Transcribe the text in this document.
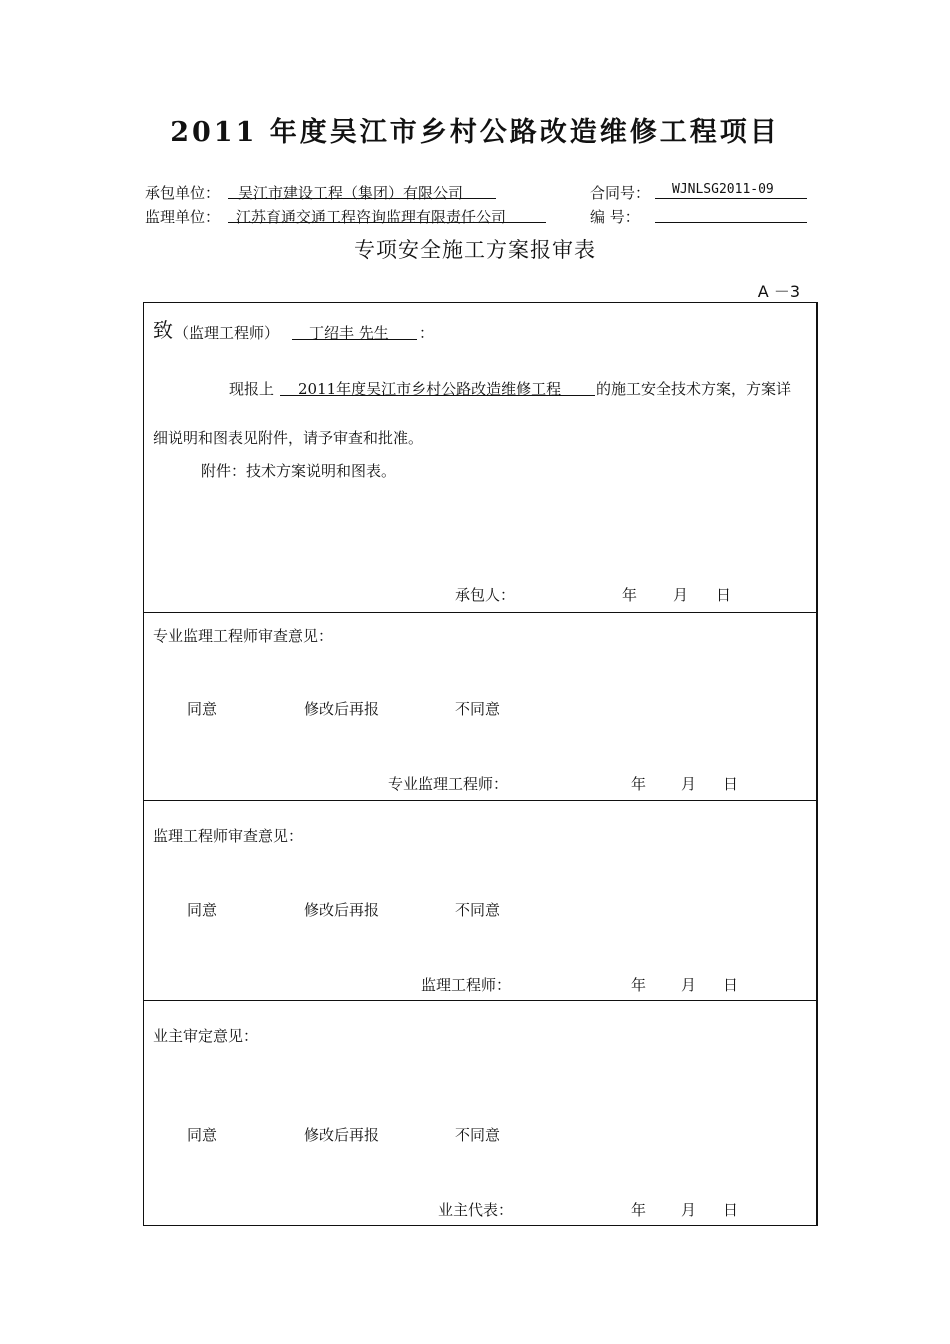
2011 年度吴江市乡村公路改造维修工程项目
承包单位： 吴江市建设工程（集团）有限公司	合同号： WJNLSG2011-09
监理单位： 江苏育通交通工程咨询监理有限责任公司	编 号：
专项安全施工方案报审表
A －3
致 （监理工程师） 丁绍丰 先生 ：
现报上 2011年度吴江市乡村公路改造维修工程 的施工安全技术方案，方案详
细说明和图表见附件，请予审查和批准。
附件：技术方案说明和图表。
承包人：	年 月 日
专业监理工程师审查意见：
同意	修改后再报	不同意
专业监理工程师：	年 月 日
监理工程师审查意见：
同意	修改后再报	不同意
监理工程师：	年 月 日
业主审定意见：
同意	修改后再报	不同意
业主代表：	年 月 日
